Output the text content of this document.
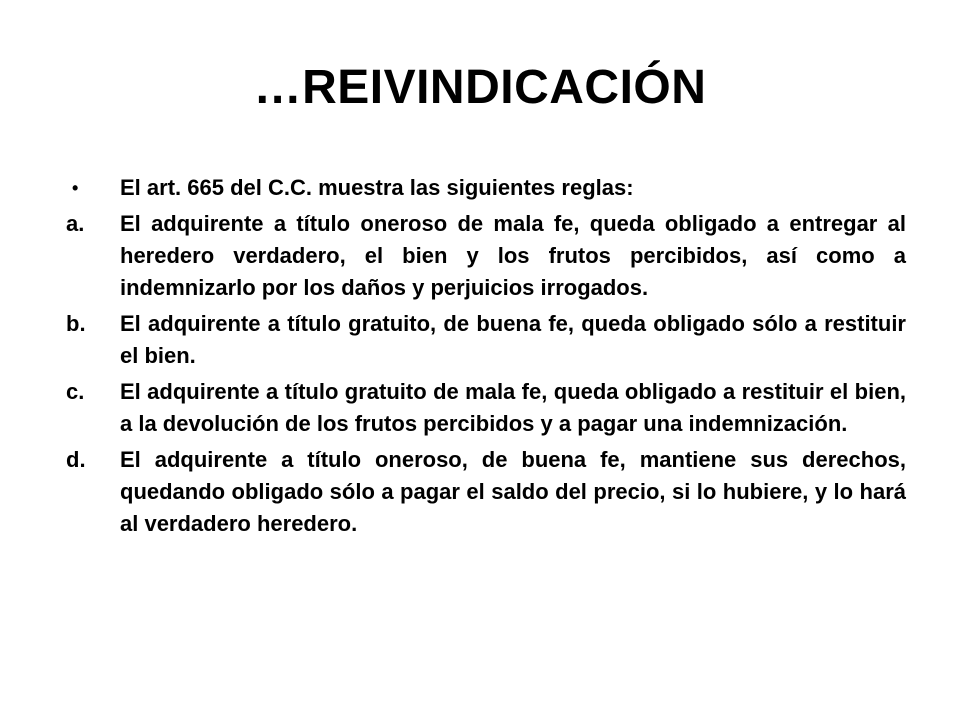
…REIVINDICACIÓN
•	El art. 665 del C.C. muestra las siguientes reglas:
a.	El adquirente a título oneroso de mala fe, queda obligado a entregar al heredero verdadero, el bien y los frutos percibidos, así como a indemnizarlo por los daños y perjuicios irrogados.
b.	El adquirente a título gratuito, de buena fe, queda obligado sólo a restituir el bien.
c.	El adquirente a título gratuito de mala fe, queda obligado a restituir el bien, a la devolución de los frutos percibidos y a pagar una indemnización.
d.	El adquirente a título oneroso, de buena fe, mantiene sus derechos, quedando obligado sólo a pagar el saldo del precio, si lo hubiere, y lo hará al verdadero heredero.
